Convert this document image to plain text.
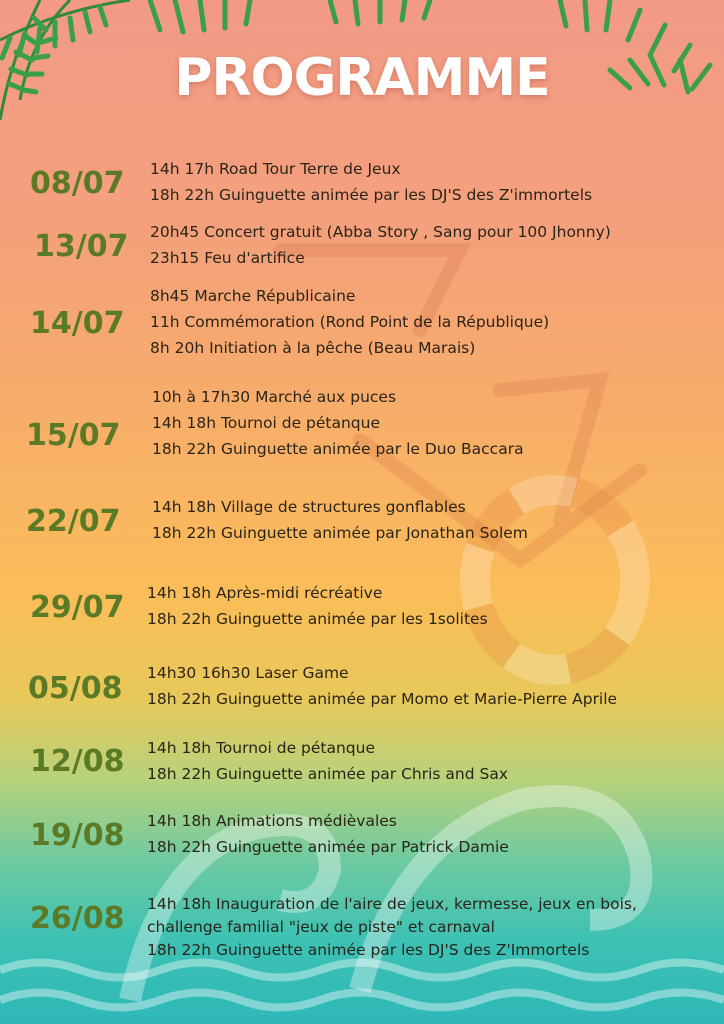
PROGRAMME
08/07 14h 17h Road Tour Terre de Jeux
18h 22h Guinguette animée par les DJ'S des Z'immortels
13/07 20h45 Concert gratuit (Abba Story , Sang pour 100 Jhonny)
23h15 Feu d'artifice
14/07
8h45 Marche Républicaine
11h Commémoration (Rond Point de la République)
8h 20h Initiation à la pêche (Beau Marais)
15/07
10h à 17h30 Marché aux puces
14h 18h Tournoi de pétanque
18h 22h Guinguette animée par le Duo Baccara
22/07 14h 18h Village de structures gonflables
18h 22h Guinguette animée par Jonathan Solem
29/07 14h 18h Après-midi récréative
18h 22h Guinguette animée par les 1solites
05/08 14h30 16h30 Laser Game
18h 22h Guinguette animée par Momo et Marie-Pierre Aprile
12/08 14h 18h Tournoi de pétanque
18h 22h Guinguette animée par Chris and Sax
19/08 14h 18h Animations médièvales
18h 22h Guinguette animée par Patrick Damie
26/08 14h 18h Inauguration de l'aire de jeux, kermesse, jeux en bois,
challenge familial "jeux de piste" et carnaval
18h 22h Guinguette animée par les DJ'S des Z'Immortels
